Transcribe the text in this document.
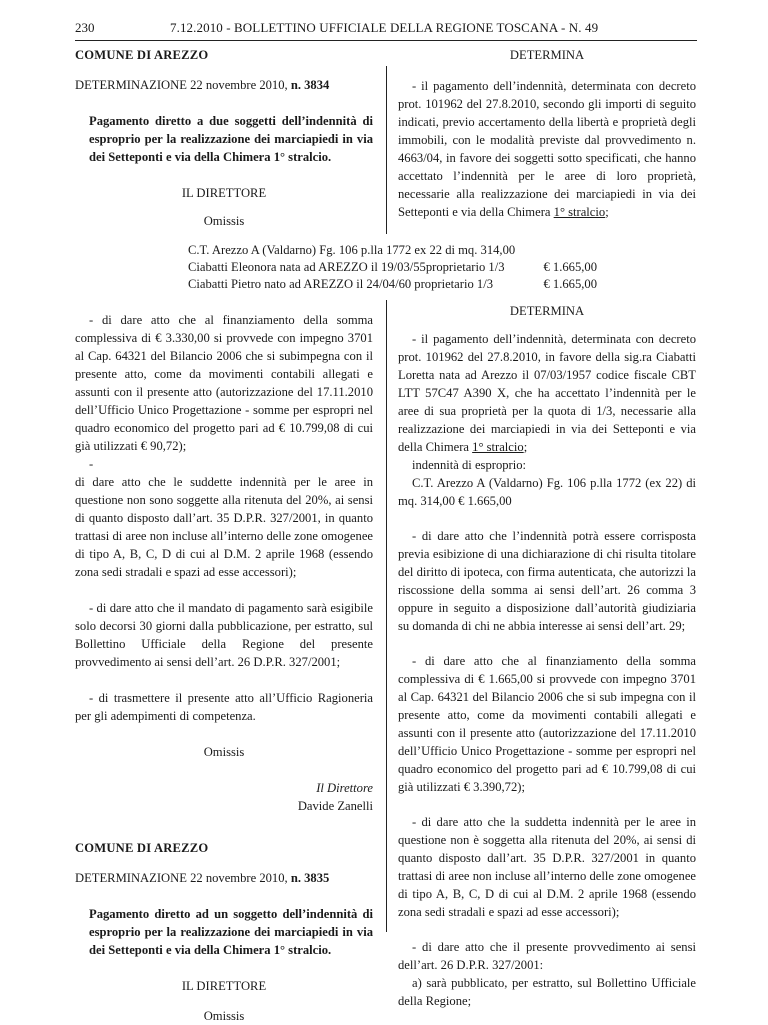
230	7.12.2010 - BOLLETTINO UFFICIALE DELLA REGIONE TOSCANA - N. 49

COMUNE DI AREZZO

DETERMINAZIONE 22 novembre 2010, n. 3834

Pagamento diretto a due soggetti dell’indennità di esproprio per la realizzazione dei marciapiedi in via dei Setteponti e via della Chimera 1° stralcio.

IL DIRETTORE

Omissis

DETERMINA

- il pagamento dell’indennità, determinata con decreto prot. 101962 del 27.8.2010, secondo gli importi di seguito indicati, previo accertamento della libertà e proprietà degli immobili, con le modalità previste dal provvedimento n. 4663/04, in favore dei soggetti sotto specificati, che hanno accettato l’indennità per le aree di loro proprietà, necessarie alla realizzazione dei marciapiedi in via dei Setteponti e via della Chimera 1° stralcio;

C.T. Arezzo A (Valdarno) Fg. 106 p.lla 1772 ex 22 di mq. 314,00
Ciabatti Eleonora nata ad AREZZO il 19/03/55proprietario 1/3	€ 1.665,00
Ciabatti Pietro nato ad AREZZO il 24/04/60 proprietario 1/3	€ 1.665,00

- di dare atto che al finanziamento della somma complessiva di € 3.330,00 si provvede con impegno 3701 al Cap. 64321 del Bilancio 2006 che si subimpegna con il presente atto, come da movimenti contabili allegati e assunti con il presente atto (autorizzazione del 17.11.2010 dell’Ufficio Unico Progettazione - somme per espropri nel quadro economico del progetto pari ad € 10.799,08 di cui già utilizzati € 90,72);

-

di dare atto che le suddette indennità per le aree in questione non sono soggette alla ritenuta del 20%, ai sensi di quanto disposto dall’art. 35 D.P.R. 327/2001, in quanto trattasi di aree non incluse all’interno delle zone omogenee di tipo A, B, C, D di cui al D.M. 2 aprile 1968 (essendo zona sedi stradali e spazi ad esse accessori);

- di dare atto che il mandato di pagamento sarà esigibile solo decorsi 30 giorni dalla pubblicazione, per estratto, sul Bollettino Ufficiale della Regione del presente provvedimento ai sensi dell’art. 26 D.P.R. 327/2001;

- di trasmettere il presente atto all’Ufficio Ragioneria per gli adempimenti di competenza.

Omissis

Il Direttore

Davide Zanelli

COMUNE DI AREZZO

DETERMINAZIONE 22 novembre 2010, n. 3835

Pagamento diretto ad un soggetto dell’indennità di esproprio per la realizzazione dei marciapiedi in via dei Setteponti e via della Chimera 1° stralcio.

IL DIRETTORE

Omissis

DETERMINA

- il pagamento dell’indennità, determinata con decreto prot. 101962 del 27.8.2010, in favore della sig.ra Ciabatti Loretta nata ad Arezzo il 07/03/1957 codice fiscale CBT LTT 57C47 A390 X, che ha accettato l’indennità per le aree di sua proprietà per la quota di 1/3, necessarie alla realizzazione dei marciapiedi in via dei Setteponti e via della Chimera 1° stralcio;

indennità di esproprio:

C.T. Arezzo A (Valdarno) Fg. 106 p.lla 1772 (ex 22) di mq. 314,00 € 1.665,00

- di dare atto che l’indennità potrà essere corrisposta previa esibizione di una dichiarazione di chi risulta titolare del diritto di ipoteca, con firma autenticata, che autorizzi la riscossione della somma ai sensi dell’art. 26 comma 3 oppure in seguito a disposizione dall’autorità giudiziaria su domanda di chi ne abbia interesse ai sensi dell’art. 29;

- di dare atto che al finanziamento della somma complessiva di € 1.665,00 si provvede con impegno 3701 al Cap. 64321 del Bilancio 2006 che si sub impegna con il presente atto, come da movimenti contabili allegati e assunti con il presente atto (autorizzazione del 17.11.2010 dell’Ufficio Unico Progettazione - somme per espropri nel quadro economico del progetto pari ad € 10.799,08 di cui già utilizzati € 3.390,72);

- di dare atto che la suddetta indennità per le aree in questione non è soggetta alla ritenuta del 20%, ai sensi di quanto disposto dall’art. 35 D.P.R. 327/2001 in quanto trattasi di aree non incluse all’interno delle zone omogenee di tipo A, B, C, D di cui al D.M. 2 aprile 1968 (essendo zona sedi stradali e spazi ad esse accessori);

- di dare atto che il presente provvedimento ai sensi dell’art. 26 D.P.R. 327/2001:

a) sarà pubblicato, per estratto, sul Bollettino Ufficiale della Regione;
